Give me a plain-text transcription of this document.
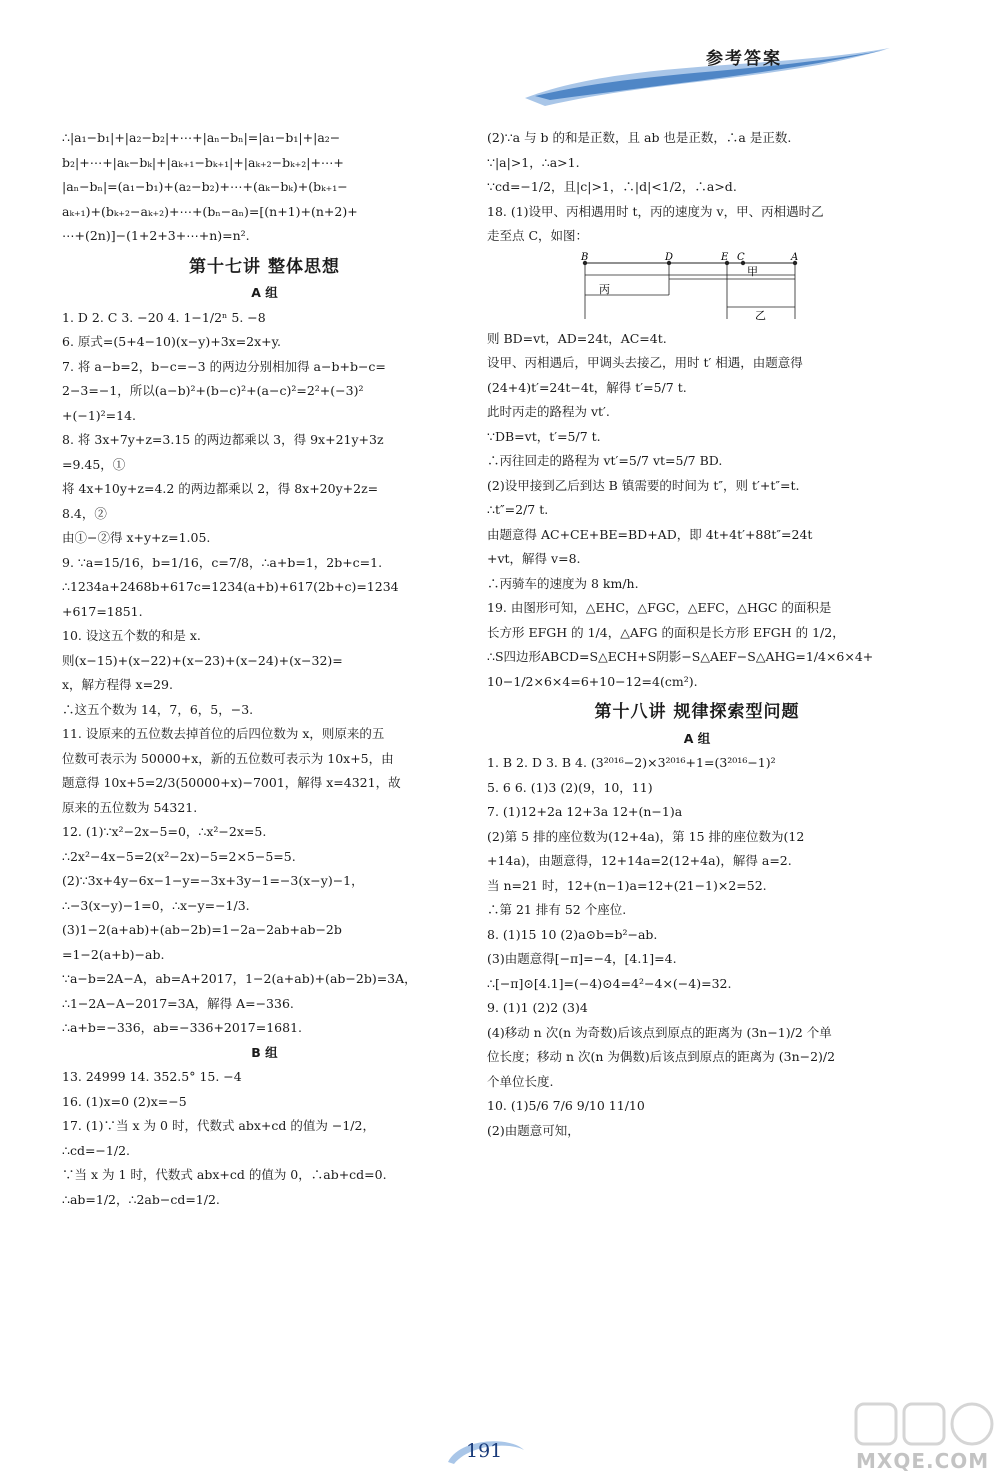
参考答案
∴|a₁−b₁|+|a₂−b₂|+⋯+|aₙ−bₙ|=|a₁−b₁|+|a₂−
b₂|+⋯+|aₖ−bₖ|+|aₖ₊₁−bₖ₊₁|+|aₖ₊₂−bₖ₊₂|+⋯+
|aₙ−bₙ|=(a₁−b₁)+(a₂−b₂)+⋯+(aₖ−bₖ)+(bₖ₊₁−
aₖ₊₁)+(bₖ₊₂−aₖ₊₂)+⋯+(bₙ−aₙ)=[(n+1)+(n+2)+
⋯+(2n)]−(1+2+3+⋯+n)=n².
第十七讲 整体思想
A 组
1. D 2. C 3. −20 4. 1−1/2ⁿ 5. −8
6. 原式=(5+4−10)(x−y)+3x=2x+y.
7. 将 a−b=2，b−c=−3 的两边分别相加得 a−b+b−c=
2−3=−1，所以(a−b)²+(b−c)²+(a−c)²=2²+(−3)²
+(−1)²=14.
8. 将 3x+7y+z=3.15 的两边都乘以 3，得 9x+21y+3z
=9.45，①
将 4x+10y+z=4.2 的两边都乘以 2，得 8x+20y+2z=
8.4，②
由①−②得 x+y+z=1.05.
9. ∵a=15/16，b=1/16，c=7/8，∴a+b=1，2b+c=1.
∴1234a+2468b+617c=1234(a+b)+617(2b+c)=1234
+617=1851.
10. 设这五个数的和是 x.
则(x−15)+(x−22)+(x−23)+(x−24)+(x−32)=
x，解方程得 x=29.
∴这五个数为 14，7，6，5，−3.
11. 设原来的五位数去掉首位的后四位数为 x，则原来的五
位数可表示为 50000+x，新的五位数可表示为 10x+5，由
题意得 10x+5=2/3(50000+x)−7001，解得 x=4321，故
原来的五位数为 54321.
12. (1)∵x²−2x−5=0，∴x²−2x=5.
∴2x²−4x−5=2(x²−2x)−5=2×5−5=5.
(2)∵3x+4y−6x−1−y=−3x+3y−1=−3(x−y)−1，
∴−3(x−y)−1=0，∴x−y=−1/3.
(3)1−2(a+ab)+(ab−2b)=1−2a−2ab+ab−2b
=1−2(a+b)−ab.
∵a−b=2A−A，ab=A+2017，1−2(a+ab)+(ab−2b)=3A，
∴1−2A−A−2017=3A，解得 A=−336.
∴a+b=−336，ab=−336+2017=1681.
B 组
13. 24999 14. 352.5° 15. −4
16. (1)x=0 (2)x=−5
17. (1)∵当 x 为 0 时，代数式 abx+cd 的值为 −1/2，
∴cd=−1/2.
∵当 x 为 1 时，代数式 abx+cd 的值为 0，∴ab+cd=0.
∴ab=1/2，∴2ab−cd=1/2.
(2)∵a 与 b 的和是正数，且 ab 也是正数，∴a 是正数.
∵|a|>1，∴a>1.
∵cd=−1/2，且|c|>1，∴|d|<1/2，∴a>d.
18. (1)设甲、丙相遇用时 t，丙的速度为 v，甲、丙相遇时乙
走至点 C，如图：
B	D	E C	A
甲
丙
乙
则 BD=vt，AD=24t，AC=4t.
设甲、丙相遇后，甲调头去接乙，用时 t′ 相遇，由题意得
(24+4)t′=24t−4t，解得 t′=5/7 t.
此时丙走的路程为 vt′.
∵DB=vt，t′=5/7 t.
∴丙往回走的路程为 vt′=5/7 vt=5/7 BD.
(2)设甲接到乙后到达 B 镇需要的时间为 t″，则 t′+t″=t.
∴t″=2/7 t.
由题意得 AC+CE+BE=BD+AD，即 4t+4t′+88t″=24t
+vt，解得 v=8.
∴丙骑车的速度为 8 km/h.
19. 由图形可知，△EHC，△FGC，△EFC，△HGC 的面积是
长方形 EFGH 的 1/4，△AFG 的面积是长方形 EFGH 的 1/2，
∴S四边形ABCD=S△ECH+S阴影−S△AEF−S△AHG=1/4×6×4+
10−1/2×6×4=6+10−12=4(cm²).
第十八讲 规律探索型问题
A 组
1. B 2. D 3. B 4. (3²⁰¹⁶−2)×3²⁰¹⁶+1=(3²⁰¹⁶−1)²
5. 6 6. (1)3 (2)(9，10，11)
7. (1)12+2a 12+3a 12+(n−1)a
(2)第 5 排的座位数为(12+4a)，第 15 排的座位数为(12
+14a)，由题意得，12+14a=2(12+4a)，解得 a=2.
当 n=21 时，12+(n−1)a=12+(21−1)×2=52.
∴第 21 排有 52 个座位.
8. (1)15 10 (2)a⊙b=b²−ab.
(3)由题意得[−π]=−4，[4.1]=4.
∴[−π]⊙[4.1]=(−4)⊙4=4²−4×(−4)=32.
9. (1)1 (2)2 (3)4
(4)移动 n 次(n 为奇数)后该点到原点的距离为 (3n−1)/2 个单
位长度；移动 n 次(n 为偶数)后该点到原点的距离为 (3n−2)/2
个单位长度.
10. (1)5/6 7/6 9/10 11/10
(2)由题意可知，
191	MXQE.COM
